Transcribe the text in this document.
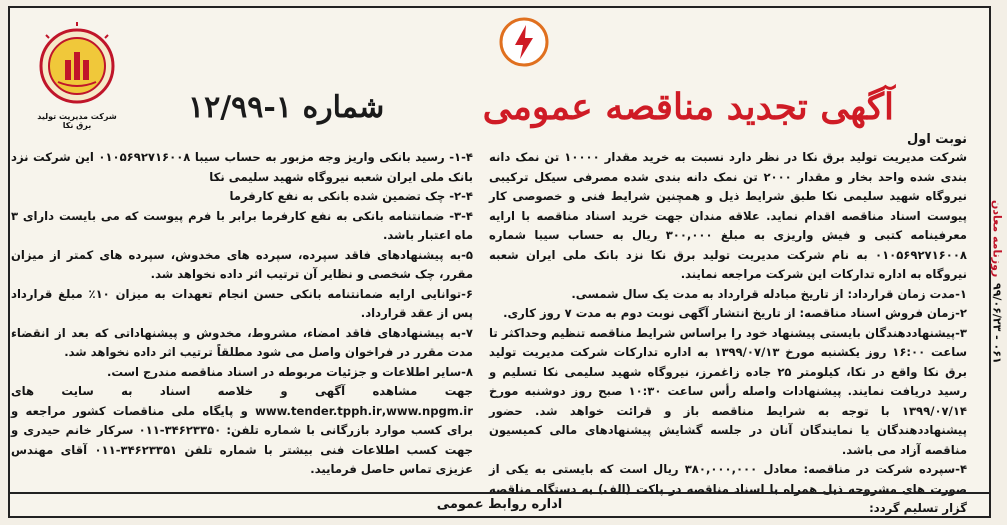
شرکت مدیریت تولید برق نکا	آگهی تجدید مناقصه عمومی
شماره ۱-۱۲/۹۹
نوبت اول

شرکت مدیریت تولید برق نکا در نظر دارد نسبت به خرید مقدار ۱۰۰۰۰ تن نمک دانه بندی شده واحد بخار و مقدار ۲۰۰۰ تن نمک دانه بندی شده مصرفی سیکل ترکیبی نیروگاه شهید سلیمی نکا طبق شرایط ذیل و همچنین شرایط فنی و خصوصی کار پیوست اسناد مناقصه اقدام نماید. علاقه مندان جهت خرید اسناد مناقصه با ارایه معرفینامه کتبی و فیش واریزی به مبلغ ۳۰۰,۰۰۰ ریال به حساب سیبا شماره ۰۱۰۵۶۹۲۷۱۶۰۰۸ به نام شرکت مدیریت تولید برق نکا نزد بانک ملی ایران شعبه نیروگاه به اداره تدارکات این شرکت مراجعه نمایند.

۱-مدت زمان قرارداد: از تاریخ مبادله قرارداد به مدت یک سال شمسی.

۲-زمان فروش اسناد مناقصه: از تاریخ انتشار آگهی نوبت دوم به مدت ۷ روز کاری.

۳-پیشنهاددهندگان بایستی پیشنهاد خود را براساس شرایط مناقصه تنظیم وحداکثر تا ساعت ۱۶:۰۰ روز یکشنبه مورخ ۱۳۹۹/۰۷/۱۳ به اداره تدارکات شرکت مدیریت تولید برق نکا واقع در نکا، کیلومتر ۲۵ جاده زاغمرز، نیروگاه شهید سلیمی نکا تسلیم و رسید دریافت نمایند. پیشنهادات واصله رأس ساعت ۱۰:۳۰ صبح روز دوشنبه مورخ ۱۳۹۹/۰۷/۱۴ با توجه به شرایط مناقصه باز و قرائت خواهد شد. حضور پیشنهاددهندگان یا نمایندگان آنان در جلسه گشایش پیشنهادهای مالی کمیسیون مناقصه آزاد می باشد.

۴-سپرده شرکت در مناقصه: معادل ۳۸۰,۰۰۰,۰۰۰ ریال است که بایستی به یکی از صورت های مشروحه ذیل همراه با اسناد مناقصه در پاکت (الف) به دستگاه مناقصه گزار تسلیم گردد:

۱-۴- رسید بانکی واریز وجه مزبور به حساب سیبا ۰۱۰۵۶۹۲۷۱۶۰۰۸ این شرکت نزد بانک ملی ایران شعبه نیروگاه شهید سلیمی نکا

۲-۴- چک تضمین شده بانکی به نفع کارفرما

۳-۴- ضمانتنامه بانکی به نفع کارفرما برابر با فرم پیوست که می بایست دارای ۳ ماه اعتبار باشد.

۵-به پیشنهادهای فاقد سپرده، سپرده های مخدوش، سپرده های کمتر از میزان مقرر، چک شخصی و نظایر آن ترتیب اثر داده نخواهد شد.

۶-توانایی ارایه ضمانتنامه بانکی حسن انجام تعهدات به میزان ۱۰٪ مبلغ قرارداد پس از عقد قرارداد.

۷-به پیشنهادهای فاقد امضاء، مشروط، مخدوش و پیشنهاداتی که بعد از انقضاء مدت مقرر در فراخوان واصل می شود مطلقاً ترتیب اثر داده نخواهد شد.

۸-سایر اطلاعات و جزئیات مربوطه در اسناد مناقصه مندرج است.

جهت مشاهده آگهی و خلاصه اسناد به سایت های www.tender.tpph.ir,www.npgm.ir و پایگاه ملی مناقصات کشور مراجعه و برای کسب موارد بازرگانی با شماره تلفن: ۳۴۶۲۳۳۵۰-۰۱۱ سرکار خانم حیدری و جهت کسب اطلاعات فنی بیشتر با شماره تلفن ۳۴۶۲۳۳۵۱-۰۱۱ آقای مهندس عزیزی تماس حاصل فرمایید.

اداره روابط عمومی
روزنامه معادن
۹۹/۰۶/۲۳ - ۰۶۱
